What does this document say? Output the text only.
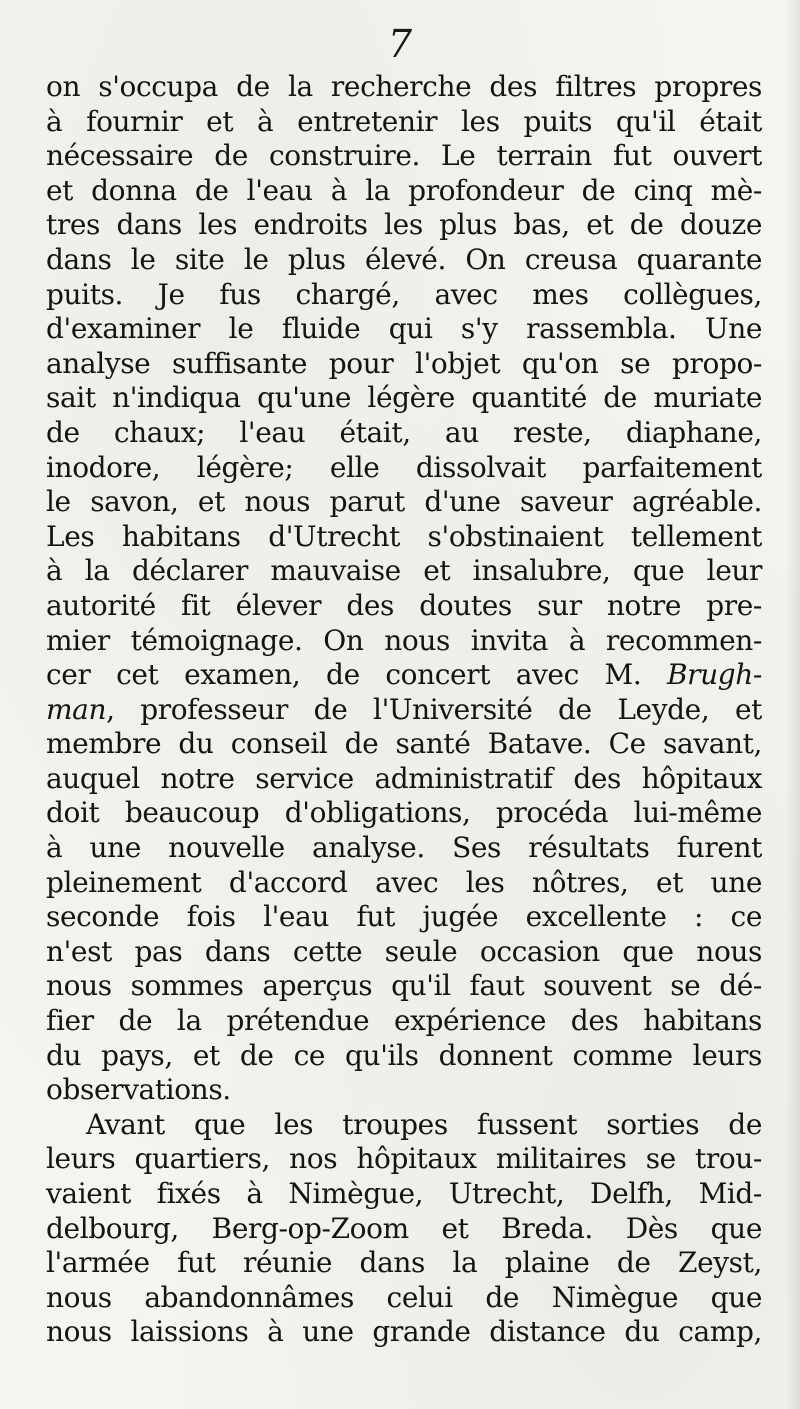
7
on s'occupa de la recherche des filtres propres
à fournir et à entretenir les puits qu'il était
nécessaire de construire. Le terrain fut ouvert
et donna de l'eau à la profondeur de cinq mè-
tres dans les endroits les plus bas, et de douze
dans le site le plus élevé. On creusa quarante
puits. Je fus chargé, avec mes collègues,
d'examiner le fluide qui s'y rassembla. Une
analyse suffisante pour l'objet qu'on se propo-
sait n'indiqua qu'une légère quantité de muriate
de chaux; l'eau était, au reste, diaphane,
inodore, légère; elle dissolvait parfaitement
le savon, et nous parut d'une saveur agréable.
Les habitans d'Utrecht s'obstinaient tellement
à la déclarer mauvaise et insalubre, que leur
autorité fit élever des doutes sur notre pre-
mier témoignage. On nous invita à recommen-
cer cet examen, de concert avec M. Brugh-
man, professeur de l'Université de Leyde, et
membre du conseil de santé Batave. Ce savant,
auquel notre service administratif des hôpitaux
doit beaucoup d'obligations, procéda lui-même
à une nouvelle analyse. Ses résultats furent
pleinement d'accord avec les nôtres, et une
seconde fois l'eau fut jugée excellente : ce
n'est pas dans cette seule occasion que nous
nous sommes aperçus qu'il faut souvent se dé-
fier de la prétendue expérience des habitans
du pays, et de ce qu'ils donnent comme leurs
observations.
Avant que les troupes fussent sorties de
leurs quartiers, nos hôpitaux militaires se trou-
vaient fixés à Nimègue, Utrecht, Delfh, Mid-
delbourg, Berg-op-Zoom et Breda. Dès que
l'armée fut réunie dans la plaine de Zeyst,
nous abandonnâmes celui de Nimègue que
nous laissions à une grande distance du camp,
